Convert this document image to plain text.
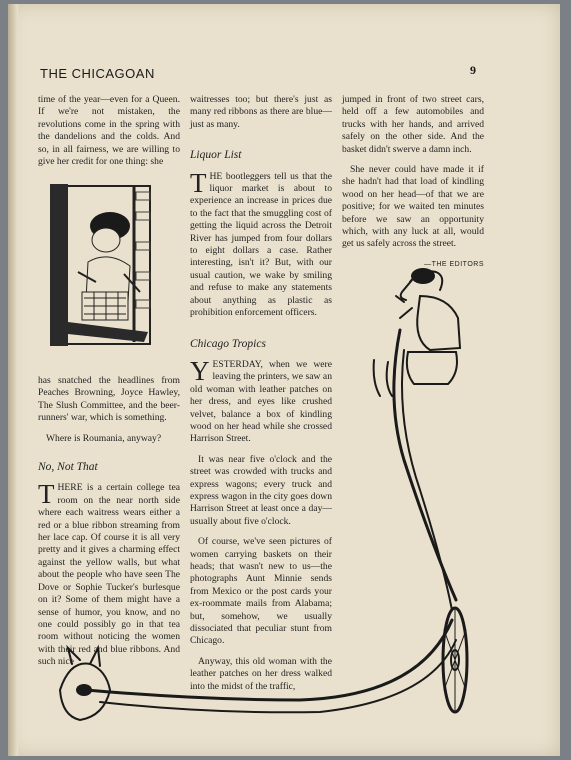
THE CHICAGOAN	9

time of the year—even for a Queen. If we're not mistaken, the revolutions come in the spring with the dandelions and the colds. And so, in all fairness, we are willing to give her credit for one thing: she

has snatched the headlines from Peaches Browning, Joyce Hawley, The Slush Committee, and the beer-runners' war, which is something.

Where is Roumania, anyway?

No, Not That

THERE is a certain college tea room on the near north side where each waitress wears either a red or a blue ribbon streaming from her lace cap. Of course it is all very pretty and it gives a charming effect against the yellow walls, but what about the people who have seen The Dove or Sophie Tucker's burlesque on it? Some of them might have a sense of humor, you know, and no one could possibly go in that tea room without noticing the women with their red and blue ribbons. And such nice

waitresses too; but there's just as many red ribbons as there are blue—just as many.

Liquor List

THE bootleggers tell us that the liquor market is about to experience an increase in prices due to the fact that the smuggling cost of getting the liquid across the Detroit River has jumped from four dollars to eight dollars a case. Rather interesting, isn't it? But, with our usual caution, we wake by smiling and refuse to make any statements about anything as plastic as prohibition enforcement officers.

Chicago Tropics

YESTERDAY, when we were leaving the printers, we saw an old woman with leather patches on her dress, and eyes like crushed velvet, balance a box of kindling wood on her head while she crossed Harrison Street.

It was near five o'clock and the street was crowded with trucks and express wagons; every truck and express wagon in the city goes down Harrison Street at least once a day—usually about five o'clock.

Of course, we've seen pictures of women carrying baskets on their heads; that wasn't new to us—the photographs Aunt Minnie sends from Mexico or the post cards your ex-roommate mails from Alabama; but, somehow, we usually dissociated that peculiar stunt from Chicago.

Anyway, this old woman with the leather patches on her dress walked into the midst of the traffic,

jumped in front of two street cars, held off a few automobiles and trucks with her hands, and arrived safely on the other side. And the basket didn't swerve a damn inch.

She never could have made it if she hadn't had that load of kindling wood on her head—of that we are positive; for we waited ten minutes before we saw an opportunity which, with any luck at all, would get us safely across the street.

—THE EDITORS
